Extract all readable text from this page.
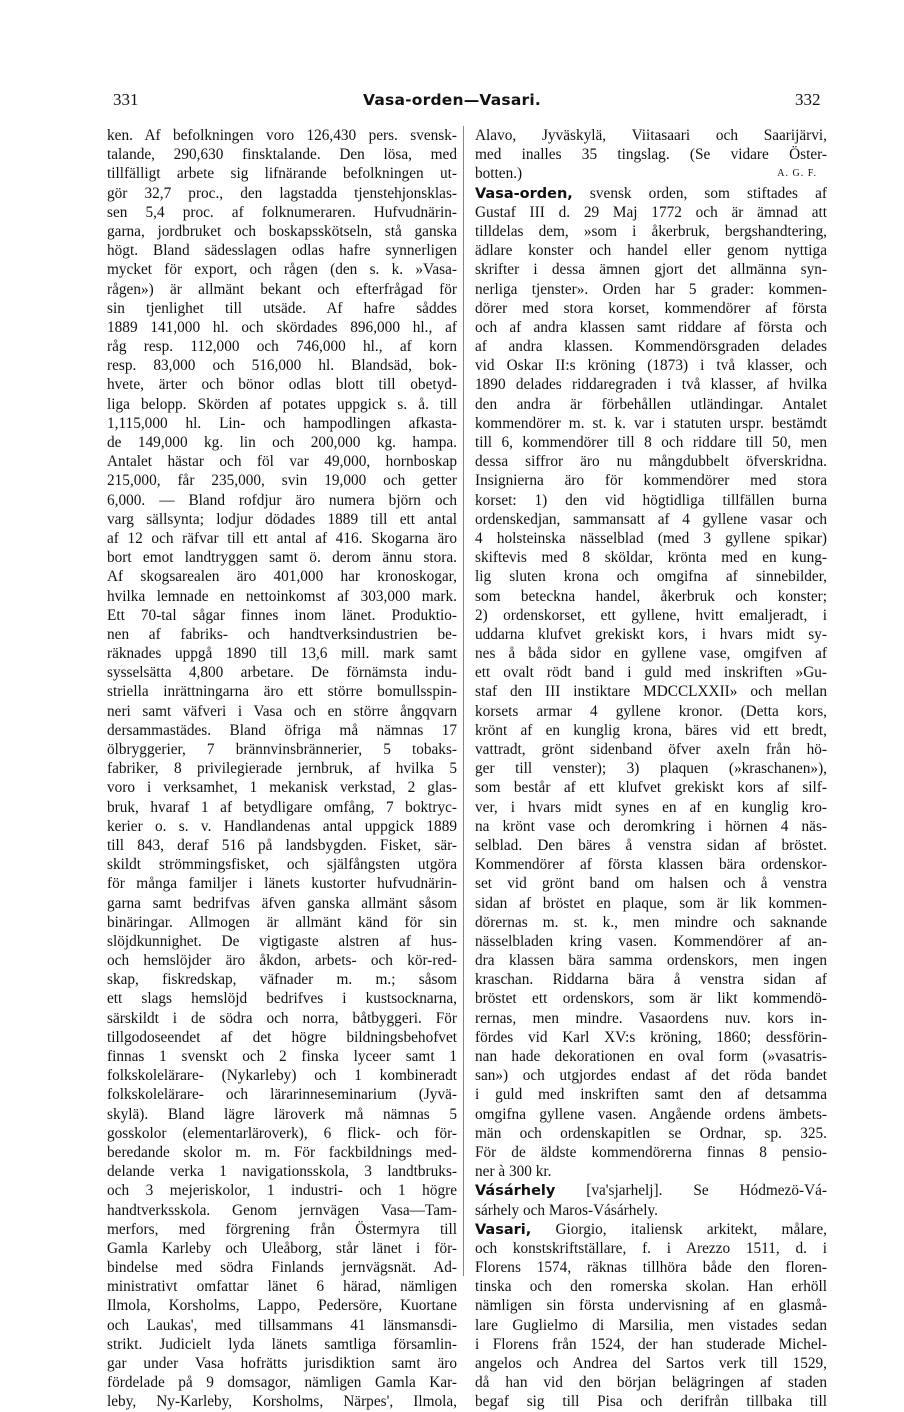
331	Vasa-orden—Vasari.	332
ken. Af befolkningen voro 126,430 pers. svensk-
talande, 290,630 finsktalande. Den lösa, med
tillfälligt arbete sig lifnärande befolkningen ut-
gör 32,7 proc., den lagstadda tjenstehjonsklas-
sen 5,4 proc. af folknumeraren. Hufvudnärin-
garna, jordbruket och boskapsskötseln, stå ganska
högt. Bland sädesslagen odlas hafre synnerligen
mycket för export, och rågen (den s. k. »Vasa-
rågen») är allmänt bekant och efterfrågad för
sin tjenlighet till utsäde. Af hafre såddes
1889 141,000 hl. och skördades 896,000 hl., af
råg resp. 112,000 och 746,000 hl., af korn
resp. 83,000 och 516,000 hl. Blandsäd, bok-
hvete, ärter och bönor odlas blott till obetyd-
liga belopp. Skörden af potates uppgick s. å. till
1,115,000 hl. Lin- och hampodlingen afkasta-
de 149,000 kg. lin och 200,000 kg. hampa.
Antalet hästar och föl var 49,000, hornboskap
215,000, får 235,000, svin 19,000 och getter
6,000. — Bland rofdjur äro numera björn och
varg sällsynta; lodjur dödades 1889 till ett antal
af 12 och räfvar till ett antal af 416. Skogarna äro
bort emot landtryggen samt ö. derom ännu stora.
Af skogsarealen äro 401,000 har kronoskogar,
hvilka lemnade en nettoinkomst af 303,000 mark.
Ett 70-tal sågar finnes inom länet. Produktio-
nen af fabriks- och handtverksindustrien be-
räknades uppgå 1890 till 13,6 mill. mark samt
sysselsätta 4,800 arbetare. De förnämsta indu-
striella inrättningarna äro ett större bomullsspin-
neri samt väfveri i Vasa och en större ångqvarn
dersammastädes. Bland öfriga må nämnas 17
ölbryggerier, 7 brännvinsbrännerier, 5 tobaks-
fabriker, 8 privilegierade jernbruk, af hvilka 5
voro i verksamhet, 1 mekanisk verkstad, 2 glas-
bruk, hvaraf 1 af betydligare omfång, 7 boktryc-
kerier o. s. v. Handlandenas antal uppgick 1889
till 843, deraf 516 på landsbygden. Fisket, sär-
skildt strömmingsfisket, och själfångsten utgöra
för många familjer i länets kustorter hufvudnärin-
garna samt bedrifvas äfven ganska allmänt såsom
binäringar. Allmogen är allmänt känd för sin
slöjdkunnighet. De vigtigaste alstren af hus-
och hemslöjder äro åkdon, arbets- och kör-red-
skap, fiskredskap, väfnader m. m.; såsom
ett slags hemslöjd bedrifves i kustsocknarna,
särskildt i de södra och norra, båtbyggeri. För
tillgodoseendet af det högre bildningsbehofvet
finnas 1 svenskt och 2 finska lyceer samt 1
folkskolelärare- (Nykarleby) och 1 kombineradt
folkskolelärare- och lärarinneseminarium (Jyvä-
skylä). Bland lägre läroverk må nämnas 5
gosskolor (elementarläroverk), 6 flick- och för-
beredande skolor m. m. För fackbildnings med-
delande verka 1 navigationsskola, 3 landtbruks-
och 3 mejeriskolor, 1 industri- och 1 högre
handtverksskola. Genom jernvägen Vasa—Tam-
merfors, med förgrening från Östermyra till
Gamla Karleby och Uleåborg, står länet i för-
bindelse med södra Finlands jernvägsnät. Ad-
ministrativt omfattar länet 6 härad, nämligen
Ilmola, Korsholms, Lappo, Pedersöre, Kuortane
och Laukas', med tillsammans 41 länsmansdi-
strikt. Judicielt lyda länets samtliga församlin-
gar under Vasa hofrätts jurisdiktion samt äro
fördelade på 9 domsagor, nämligen Gamla Kar-
leby, Ny-Karleby, Korsholms, Närpes', Ilmola,
Alavo, Jyväskylä, Viitasaari och Saarijärvi,
med inalles 35 tingslag. (Se vidare Öster-
botten.)	A. G. F.
Vasa-orden, svensk orden, som stiftades af
Gustaf III d. 29 Maj 1772 och är ämnad att
tilldelas dem, »som i åkerbruk, bergshandtering,
ädlare konster och handel eller genom nyttiga
skrifter i dessa ämnen gjort det allmänna syn-
nerliga tjenster». Orden har 5 grader: kommen-
dörer med stora korset, kommendörer af första
och af andra klassen samt riddare af första och
af andra klassen. Kommendörsgraden delades
vid Oskar II:s kröning (1873) i två klasser, och
1890 delades riddaregraden i två klasser, af hvilka
den andra är förbehållen utländingar. Antalet
kommendörer m. st. k. var i statuten urspr. bestämdt
till 6, kommendörer till 8 och riddare till 50, men
dessa siffror äro nu mångdubbelt öfverskridna.
Insignierna äro för kommendörer med stora
korset: 1) den vid högtidliga tillfällen burna
ordenskedjan, sammansatt af 4 gyllene vasar och
4 holsteinska nässelblad (med 3 gyllene spikar)
skiftevis med 8 sköldar, krönta med en kung-
lig sluten krona och omgifna af sinnebilder,
som beteckna handel, åkerbruk och konster;
2) ordenskorset, ett gyllene, hvitt emaljeradt, i
uddarna klufvet grekiskt kors, i hvars midt sy-
nes å båda sidor en gyllene vase, omgifven af
ett ovalt rödt band i guld med inskriften »Gu-
staf den III instiktare MDCCLXXII» och mellan
korsets armar 4 gyllene kronor. (Detta kors,
krönt af en kunglig krona, bäres vid ett bredt,
vattradt, grönt sidenband öfver axeln från hö-
ger till venster); 3) plaquen (»kraschanen»),
som består af ett klufvet grekiskt kors af silf-
ver, i hvars midt synes en af en kunglig kro-
na krönt vase och deromkring i hörnen 4 näs-
selblad. Den bäres å venstra sidan af bröstet.
Kommendörer af första klassen bära ordenskor-
set vid grönt band om halsen och å venstra
sidan af bröstet en plaque, som är lik kommen-
dörernas m. st. k., men mindre och saknande
nässelbladen kring vasen. Kommendörer af an-
dra klassen bära samma ordenskors, men ingen
kraschan. Riddarna bära å venstra sidan af
bröstet ett ordenskors, som är likt kommendö-
rernas, men mindre. Vasaordens nuv. kors in-
fördes vid Karl XV:s kröning, 1860; dessförin-
nan hade dekorationen en oval form (»vasatris-
san») och utgjordes endast af det röda bandet
i guld med inskriften samt den af detsamma
omgifna gyllene vasen. Angående ordens ämbets-
män och ordenskapitlen se Ordnar, sp. 325.
För de äldste kommendörerna finnas 8 pensio-
ner à 300 kr.
Vásárhely [va'sjarhelj]. Se Hódmezö-Vá-
sárhely och Maros-Vásárhely.
Vasari, Giorgio, italiensk arkitekt, målare,
och konstskriftställare, f. i Arezzo 1511, d. i
Florens 1574, räknas tillhöra både den floren-
tinska och den romerska skolan. Han erhöll
nämligen sin första undervisning af en glasmå-
lare Guglielmo di Marsilia, men vistades sedan
i Florens från 1524, der han studerade Michel-
angelos och Andrea del Sartos verk till 1529,
då han vid den början belägringen af staden
begaf sig till Pisa och derifrån tillbaka till
